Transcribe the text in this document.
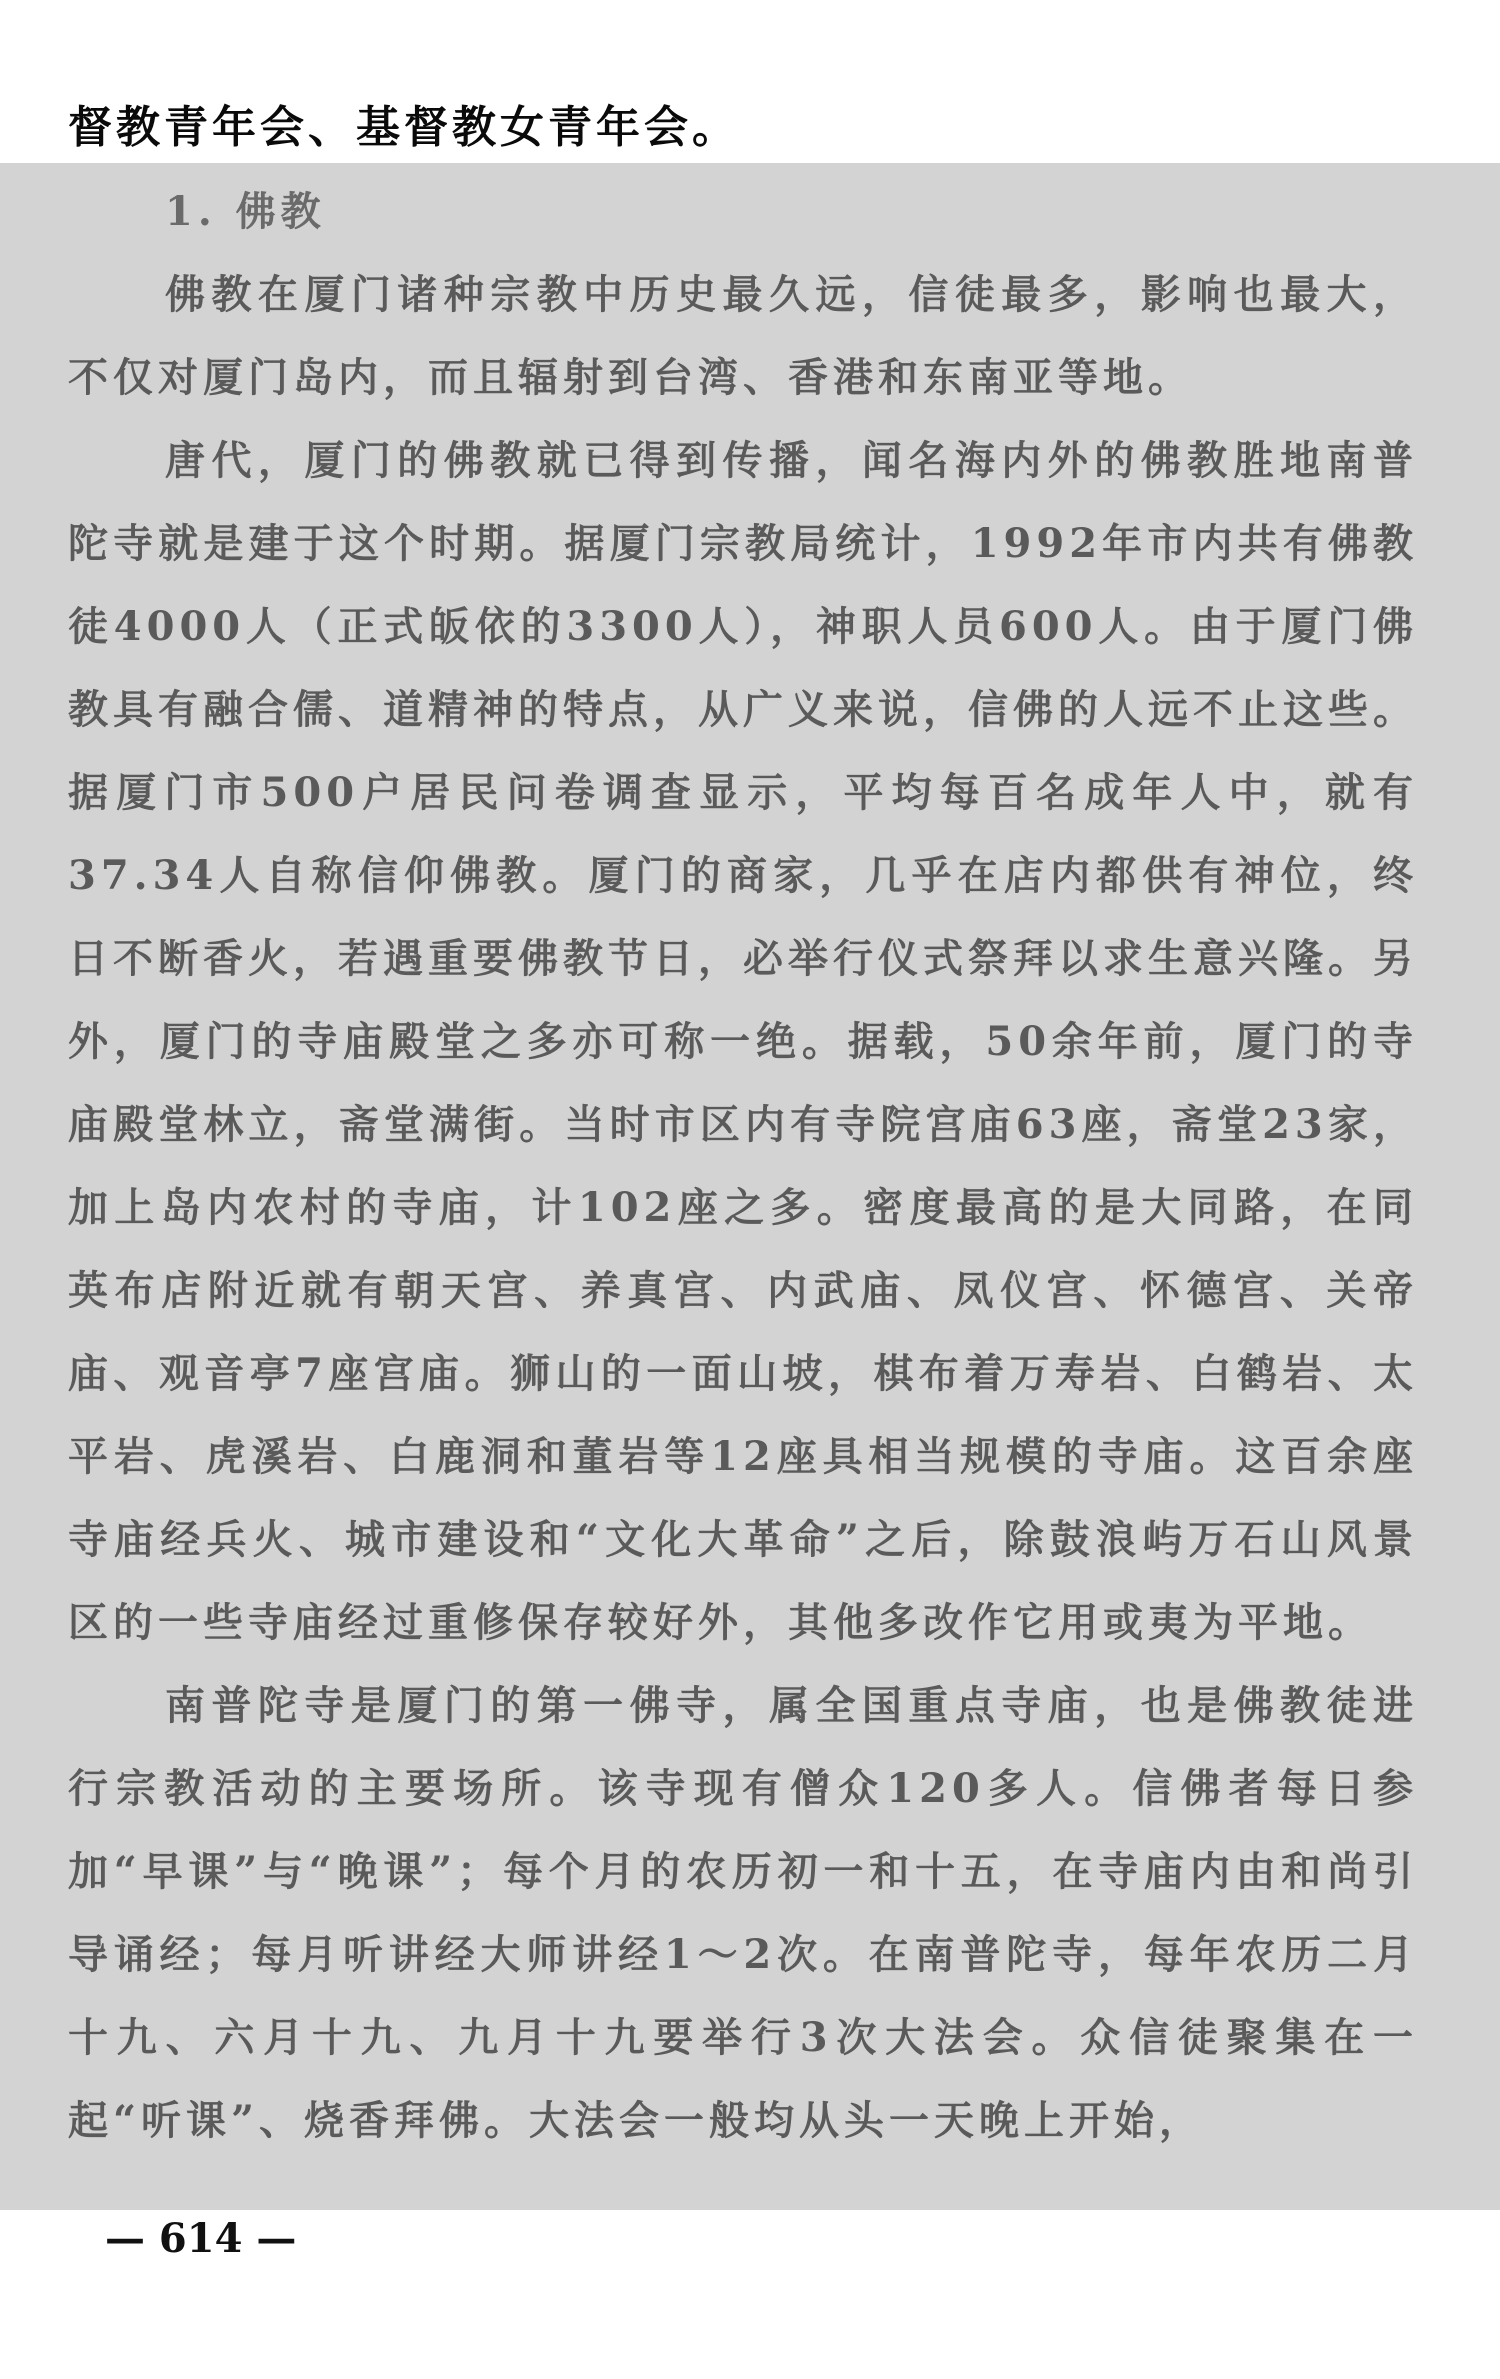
督教青年会、基督教女青年会。

1. 佛教

佛教在厦门诸种宗教中历史最久远，信徒最多，影响也最大，不仅对厦门岛内，而且辐射到台湾、香港和东南亚等地。

唐代，厦门的佛教就已得到传播，闻名海内外的佛教胜地南普陀寺就是建于这个时期。据厦门宗教局统计，1992年市内共有佛教徒4000人（正式皈依的3300人），神职人员600人。由于厦门佛教具有融合儒、道精神的特点，从广义来说，信佛的人远不止这些。据厦门市500户居民问卷调查显示，平均每百名成年人中，就有37.34人自称信仰佛教。厦门的商家，几乎在店内都供有神位，终日不断香火，若遇重要佛教节日，必举行仪式祭拜以求生意兴隆。另外，厦门的寺庙殿堂之多亦可称一绝。据载，50余年前，厦门的寺庙殿堂林立，斋堂满街。当时市区内有寺院宫庙63座，斋堂23家，加上岛内农村的寺庙，计102座之多。密度最高的是大同路，在同英布店附近就有朝天宫、养真宫、内武庙、凤仪宫、怀德宫、关帝庙、观音亭7座宫庙。狮山的一面山坡，棋布着万寿岩、白鹤岩、太平岩、虎溪岩、白鹿洞和董岩等12座具相当规模的寺庙。这百余座寺庙经兵火、城市建设和“文化大革命”之后，除鼓浪屿万石山风景区的一些寺庙经过重修保存较好外，其他多改作它用或夷为平地。

南普陀寺是厦门的第一佛寺，属全国重点寺庙，也是佛教徒进行宗教活动的主要场所。该寺现有僧众120多人。信佛者每日参加“早课”与“晚课”；每个月的农历初一和十五，在寺庙内由和尚引导诵经；每月听讲经大师讲经1～2次。在南普陀寺，每年农历二月十九、六月十九、九月十九要举行3次大法会。众信徒聚集在一起“听课”、烧香拜佛。大法会一般均从头一天晚上开始，

— 614 —
